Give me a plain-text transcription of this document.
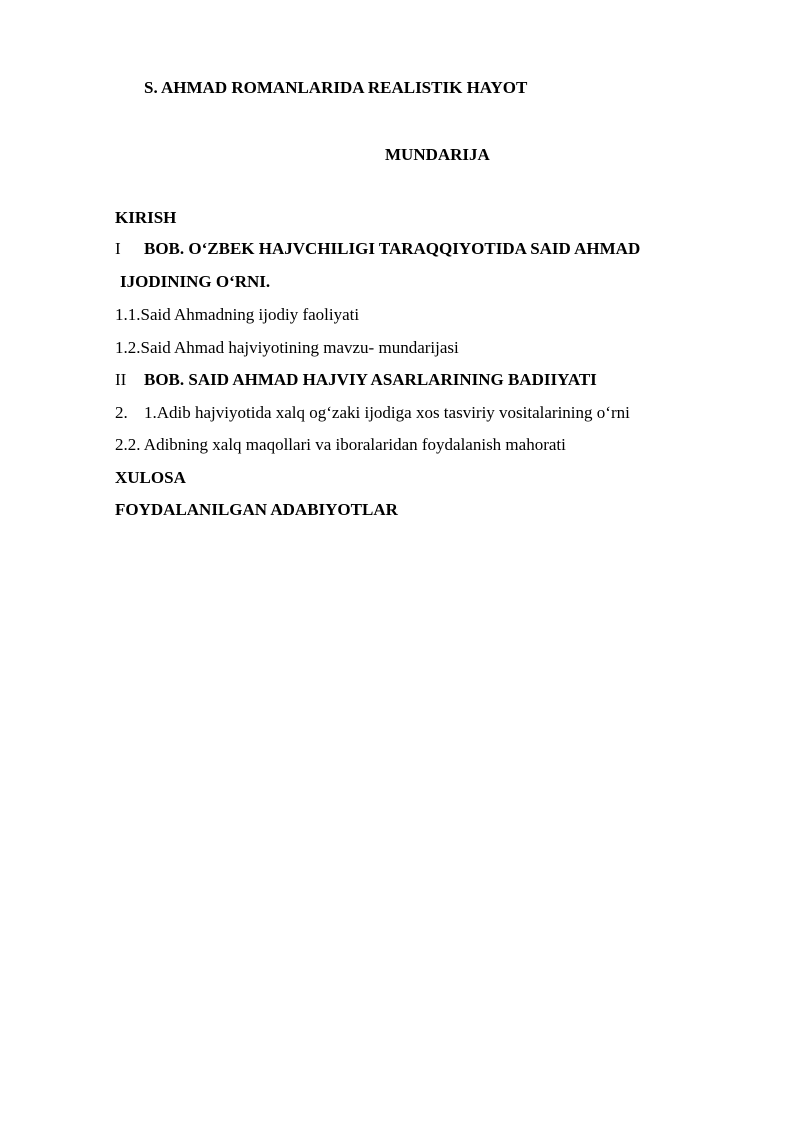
S. AHMAD ROMANLARIDA REALISTIK HAYOT
MUNDARIJA
KIRISH
I BOB. O‘ZBEK HAJVCHILIGI TARAQQIYOTIDA SAID AHMAD
IJODINING O‘RNI.
1.1.Said Ahmadning ijodiy faoliyati
1.2.Said Ahmad hajviyotining mavzu- mundarijasi
II BOB. SAID AHMAD HAJVIY ASARLARINING BADIIYATI
2. 1.Adib hajviyotida xalq og‘zaki ijodiga xos tasviriy vositalarining o‘rni
2.2. Adibning xalq maqollari va iboralaridan foydalanish mahorati
XULOSA
FOYDALANILGAN ADABIYOTLAR
